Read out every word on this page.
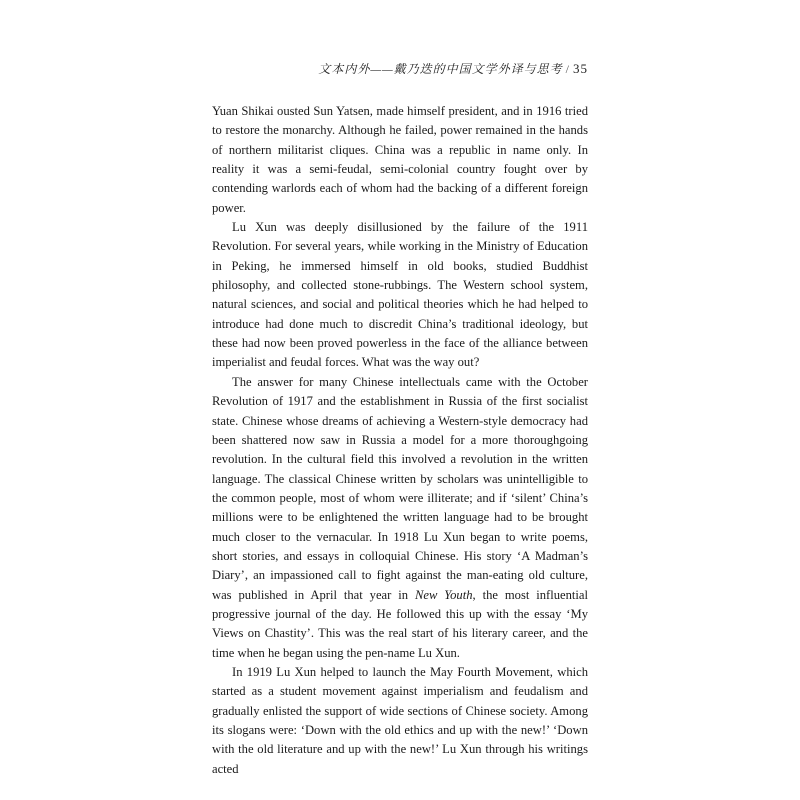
文本内外——戴乃迭的中国文学外译与思考 / 35

Yuan Shikai ousted Sun Yatsen, made himself president, and in 1916 tried to restore the monarchy. Although he failed, power remained in the hands of northern militarist cliques. China was a republic in name only. In reality it was a semi-feudal, semi-colonial country fought over by contending warlords each of whom had the backing of a different foreign power.

Lu Xun was deeply disillusioned by the failure of the 1911 Revolution. For several years, while working in the Ministry of Education in Peking, he immersed himself in old books, studied Buddhist philosophy, and collected stone-rubbings. The Western school system, natural sciences, and social and political theories which he had helped to introduce had done much to discredit China’s traditional ideology, but these had now been proved powerless in the face of the alliance between imperialist and feudal forces. What was the way out?

The answer for many Chinese intellectuals came with the October Revolution of 1917 and the establishment in Russia of the first socialist state. Chinese whose dreams of achieving a Western-style democracy had been shattered now saw in Russia a model for a more thoroughgoing revolution. In the cultural field this involved a revolution in the written language. The classical Chinese written by scholars was unintelligible to the common people, most of whom were illiterate; and if ‘silent’ China’s millions were to be enlightened the written language had to be brought much closer to the vernacular. In 1918 Lu Xun began to write poems, short stories, and essays in colloquial Chinese. His story ‘A Madman’s Diary’, an impassioned call to fight against the man-eating old culture, was published in April that year in New Youth, the most influential progressive journal of the day. He followed this up with the essay ‘My Views on Chastity’. This was the real start of his literary career, and the time when he began using the pen-name Lu Xun.

In 1919 Lu Xun helped to launch the May Fourth Movement, which started as a student movement against imperialism and feudalism and gradually enlisted the support of wide sections of Chinese society. Among its slogans were: ‘Down with the old ethics and up with the new!’ ‘Down with the old literature and up with the new!’ Lu Xun through his writings acted
